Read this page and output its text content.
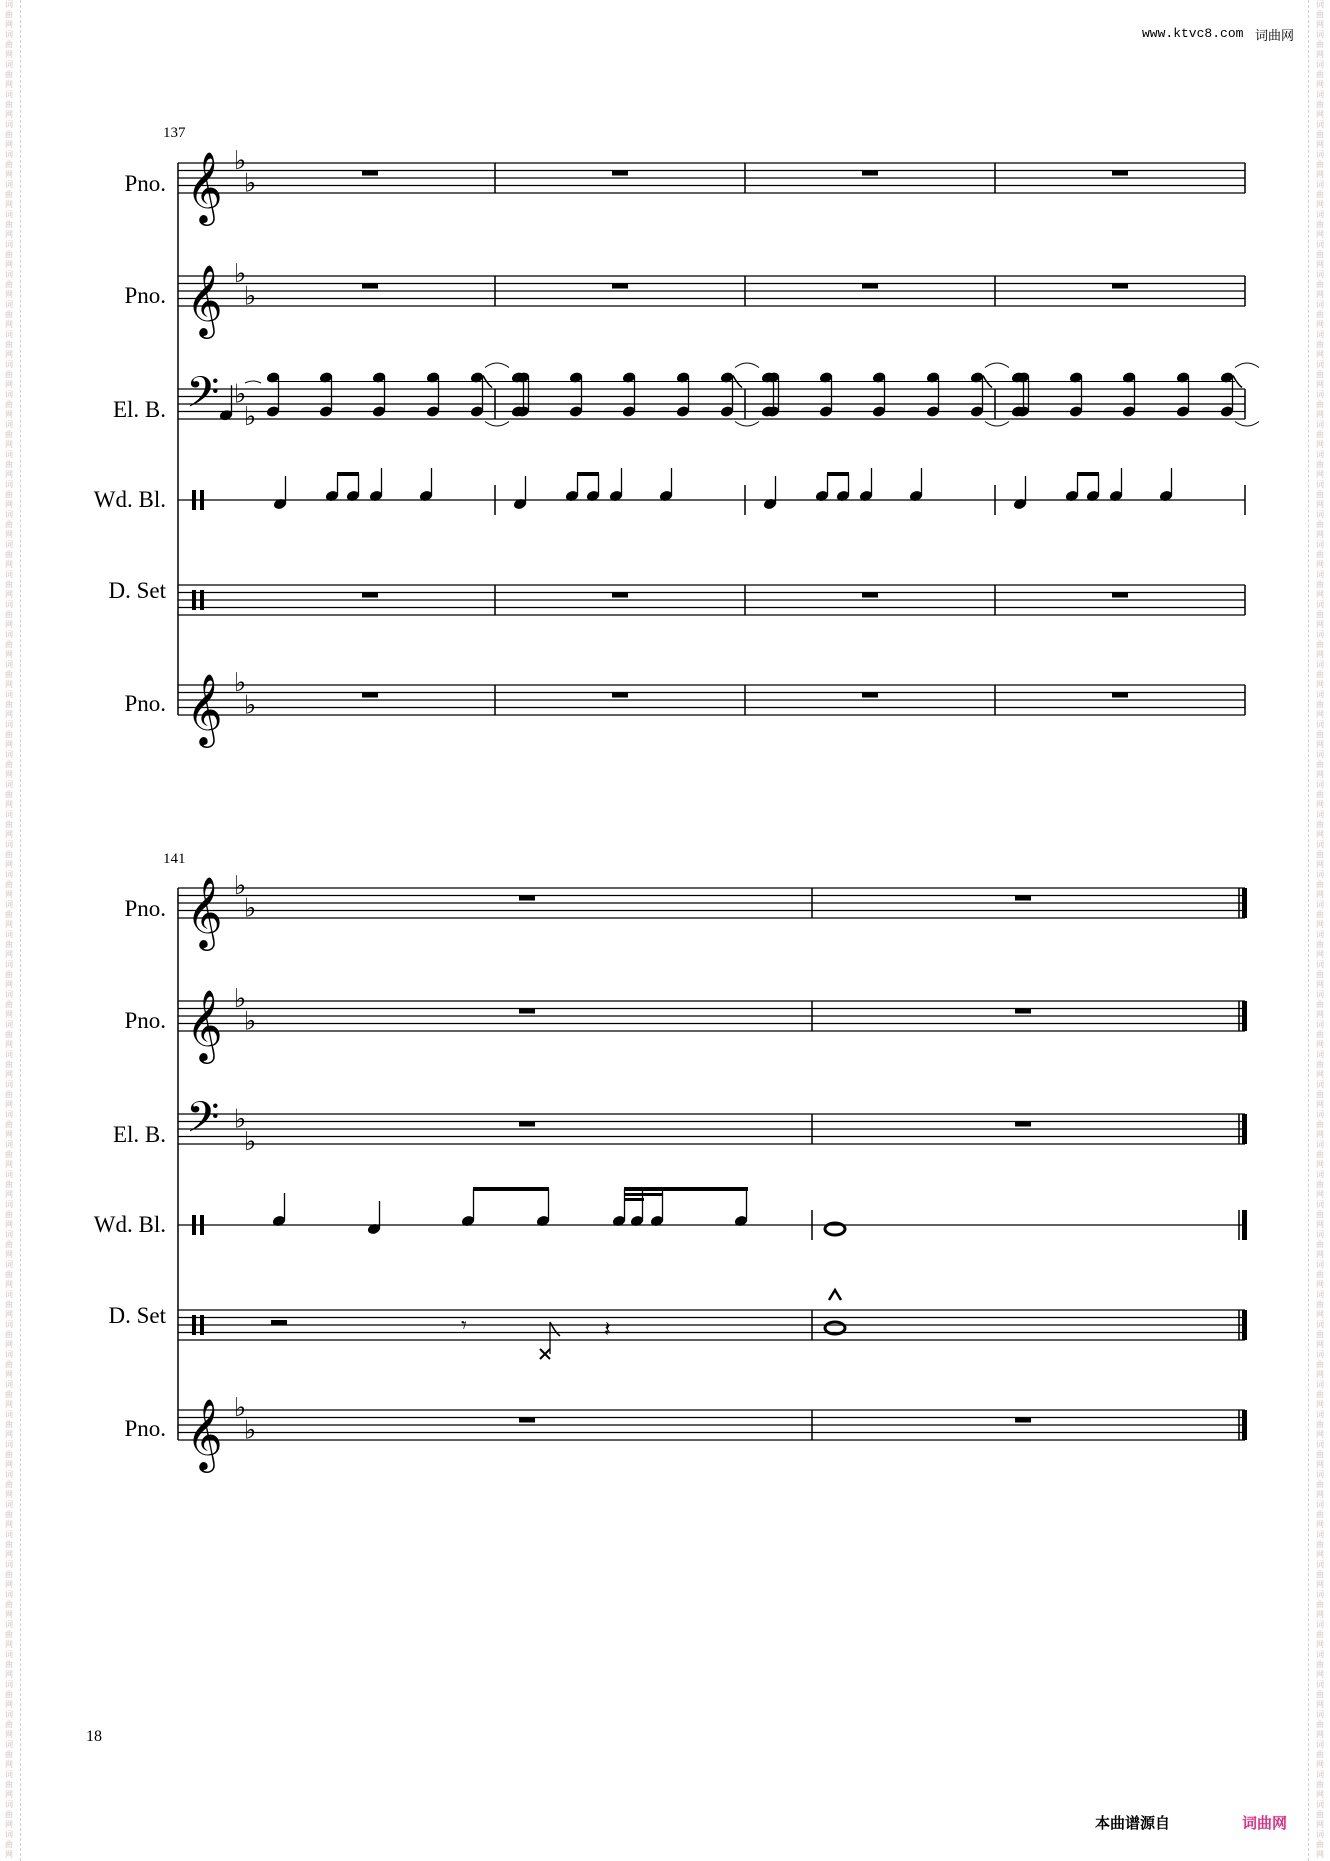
词曲网词曲网词曲网词曲网词曲网词曲网词曲网词曲网词曲网词曲网词曲网词曲网词曲网词曲网词曲网词曲网词曲网词曲网词曲网词曲网词曲网词曲网词曲网词曲网词曲网词曲网词曲网词曲网词曲网词曲网词曲网词曲网词曲网词曲网词曲网词曲网词曲网词曲网词曲网词曲网词曲网词曲网词曲网词曲网词曲网词曲网词曲网词曲网词曲网词曲网词曲网词曲网词曲网词曲网词曲网词曲网词曲网词曲网词曲网词曲网词曲网词曲网
词曲网词曲网词曲网词曲网词曲网词曲网词曲网词曲网词曲网词曲网词曲网词曲网词曲网词曲网词曲网词曲网词曲网词曲网词曲网词曲网词曲网词曲网词曲网词曲网词曲网词曲网词曲网词曲网词曲网词曲网词曲网词曲网词曲网词曲网词曲网词曲网词曲网词曲网词曲网词曲网词曲网词曲网词曲网词曲网词曲网词曲网词曲网词曲网词曲网词曲网词曲网词曲网词曲网词曲网词曲网词曲网词曲网词曲网词曲网词曲网词曲网词曲网
www.ktvc8.com 词曲网
137
Pno.
Pno.
El. B.
Wd. Bl.
D. Set
Pno.
141
Pno.
Pno.
El. B.
Wd. Bl.
D. Set
Pno.
18
本曲谱源自	词曲网
𝄞 ♭
♭
𝄞 ♭
♭
𝄢 ♭
♭
𝄞 ♭
♭
𝄞 ♭
♭
𝄞 ♭
♭
𝄢 ♭
♭
𝄞 ♭
♭
𝄾	𝄽
